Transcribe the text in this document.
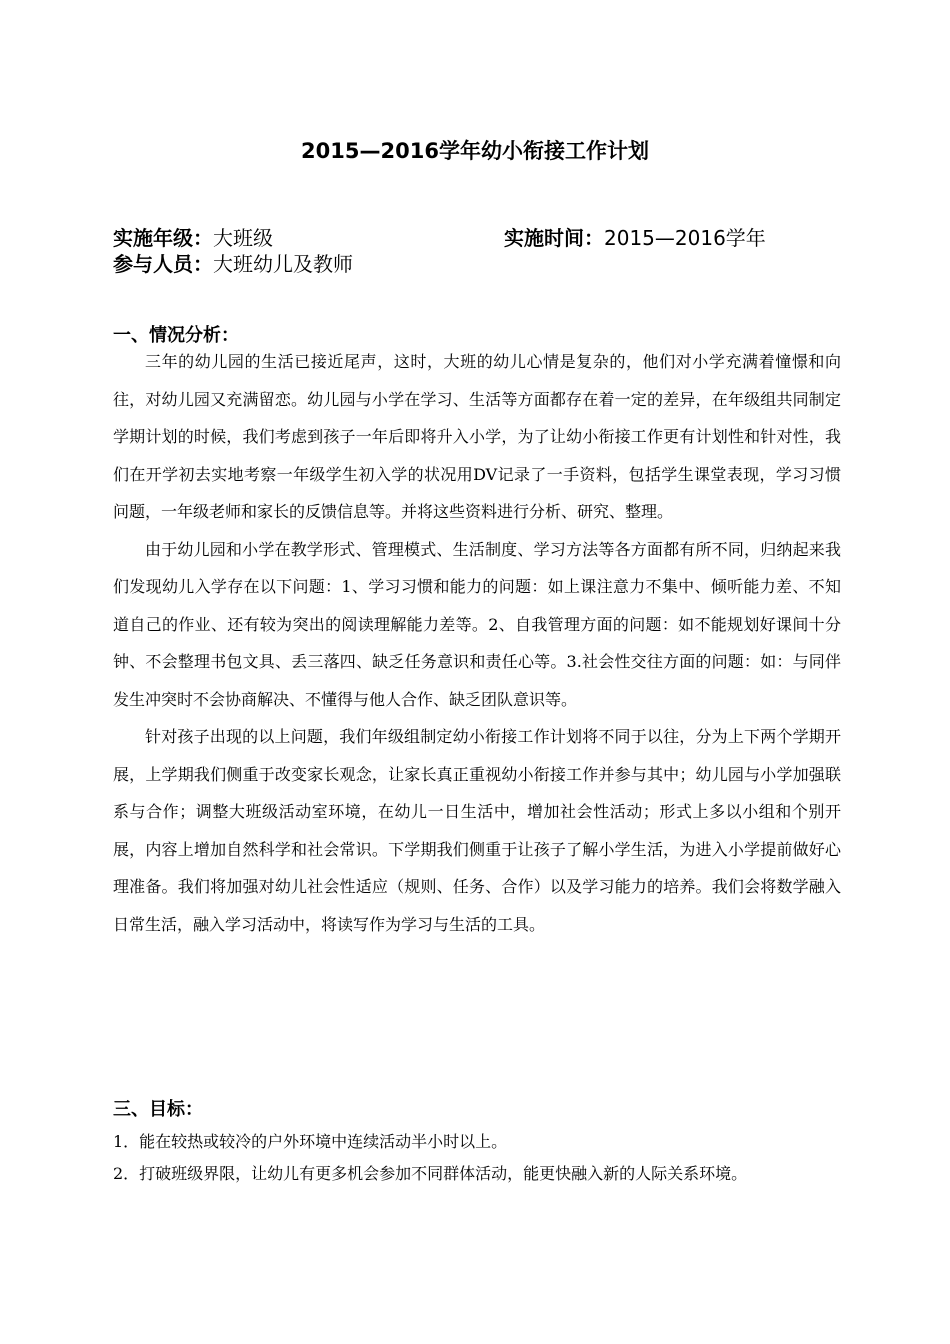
2015—2016学年幼小衔接工作计划
实施年级：大班级	实施时间：2015—2016学年
参与人员：大班幼儿及教师
一、情况分析：

三年的幼儿园的生活已接近尾声，这时，大班的幼儿心情是复杂的，他们对小学充满着憧憬和向往，对幼儿园又充满留恋。幼儿园与小学在学习、生活等方面都存在着一定的差异，在年级组共同制定学期计划的时候，我们考虑到孩子一年后即将升入小学，为了让幼小衔接工作更有计划性和针对性，我们在开学初去实地考察一年级学生初入学的状况用DV记录了一手资料，包括学生课堂表现，学习习惯问题，一年级老师和家长的反馈信息等。并将这些资料进行分析、研究、整理。

由于幼儿园和小学在教学形式、管理模式、生活制度、学习方法等各方面都有所不同，归纳起来我们发现幼儿入学存在以下问题：1、学习习惯和能力的问题：如上课注意力不集中、倾听能力差、不知道自己的作业、还有较为突出的阅读理解能力差等。2、自我管理方面的问题：如不能规划好课间十分钟、不会整理书包文具、丢三落四、缺乏任务意识和责任心等。3.社会性交往方面的问题：如：与同伴发生冲突时不会协商解决、不懂得与他人合作、缺乏团队意识等。

针对孩子出现的以上问题，我们年级组制定幼小衔接工作计划将不同于以往，分为上下两个学期开展，上学期我们侧重于改变家长观念，让家长真正重视幼小衔接工作并参与其中；幼儿园与小学加强联系与合作；调整大班级活动室环境，在幼儿一日生活中，增加社会性活动；形式上多以小组和个别开展，内容上增加自然科学和社会常识。下学期我们侧重于让孩子了解小学生活，为进入小学提前做好心理准备。我们将加强对幼儿社会性适应（规则、任务、合作）以及学习能力的培养。我们会将数学融入日常生活，融入学习活动中，将读写作为学习与生活的工具。

三、目标：

1．能在较热或较冷的户外环境中连续活动半小时以上。

2．打破班级界限，让幼儿有更多机会参加不同群体活动，能更快融入新的人际关系环境。
